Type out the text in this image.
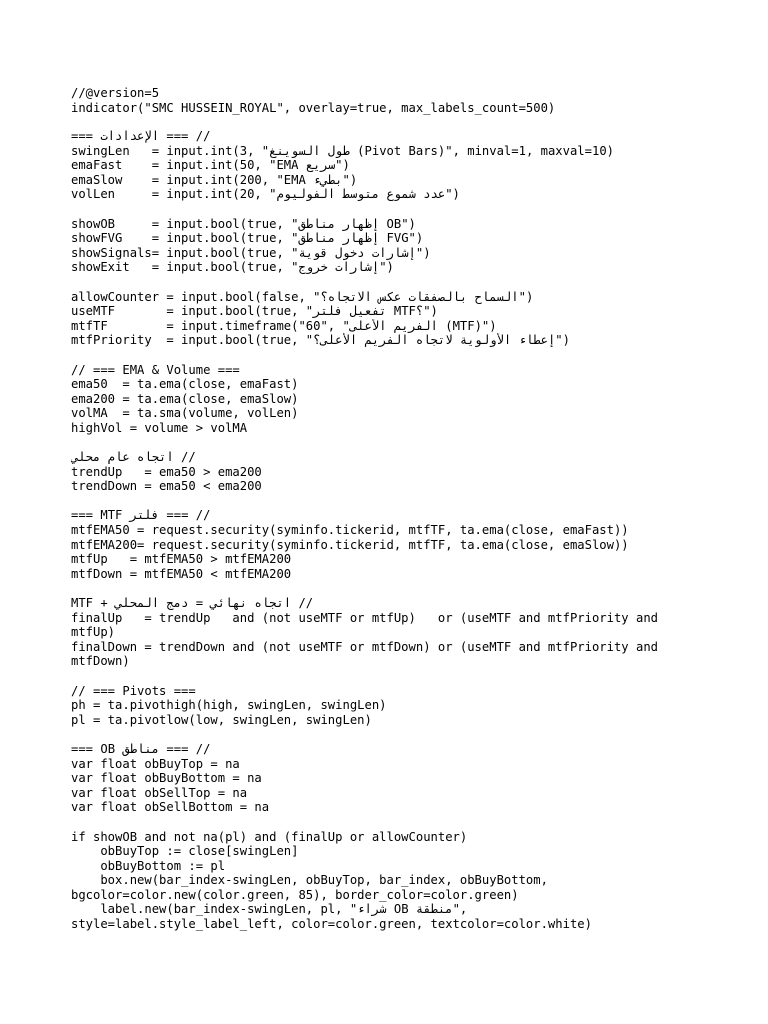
//@version=5
indicator("SMC HUSSEIN_ROYAL", overlay=true, max_labels_count=500)
// === الإعدادات ===
swingLen   = input.int(3, "طول السوينغ (Pivot Bars)", minval=1, maxval=10)
emaFast    = input.int(50, "EMA سريع")
emaSlow    = input.int(200, "EMA بطيء")
volLen     = input.int(20, "عدد شموع متوسط الفوليوم")

showOB     = input.bool(true, "إظهار مناطق OB")
showFVG    = input.bool(true, "إظهار مناطق FVG")
showSignals= input.bool(true, "إشارات دخول قوية")
showExit   = input.bool(true, "إشارات خروج")

allowCounter = input.bool(false, "السماح بالصفقات عكس الاتجاه؟")
useMTF       = input.bool(true, "تفعيل فلتر MTF؟")
mtfTF        = input.timeframe("60", "الفريم الأعلى (MTF)")
mtfPriority  = input.bool(true, "إعطاء الأولوية لاتجاه الفريم الأعلى؟")

// === EMA & Volume ===
ema50  = ta.ema(close, emaFast)
ema200 = ta.ema(close, emaSlow)
volMA  = ta.sma(volume, volLen)
highVol = volume > volMA

// اتجاه عام محلي
trendUp   = ema50 > ema200
trendDown = ema50 < ema200

// === فلتر MTF ===
mtfEMA50 = request.security(syminfo.tickerid, mtfTF, ta.ema(close, emaFast))
mtfEMA200= request.security(syminfo.tickerid, mtfTF, ta.ema(close, emaSlow))
mtfUp   = mtfEMA50 > mtfEMA200
mtfDown = mtfEMA50 < mtfEMA200

// اتجاه نهائي = دمج المحلي + MTF
finalUp   = trendUp   and (not useMTF or mtfUp)   or (useMTF and mtfPriority and
mtfUp)
finalDown = trendDown and (not useMTF or mtfDown) or (useMTF and mtfPriority and
mtfDown)

// === Pivots ===
ph = ta.pivothigh(high, swingLen, swingLen)
pl = ta.pivotlow(low, swingLen, swingLen)

// === مناطق OB ===
var float obBuyTop = na
var float obBuyBottom = na
var float obSellTop = na
var float obSellBottom = na

if showOB and not na(pl) and (finalUp or allowCounter)
obBuyTop := close[swingLen]
obBuyBottom := pl
box.new(bar_index-swingLen, obBuyTop, bar_index, obBuyBottom,
bgcolor=color.new(color.green, 85), border_color=color.green)
label.new(bar_index-swingLen, pl, "شراء OB منطقة",
style=label.style_label_left, color=color.green, textcolor=color.white)
